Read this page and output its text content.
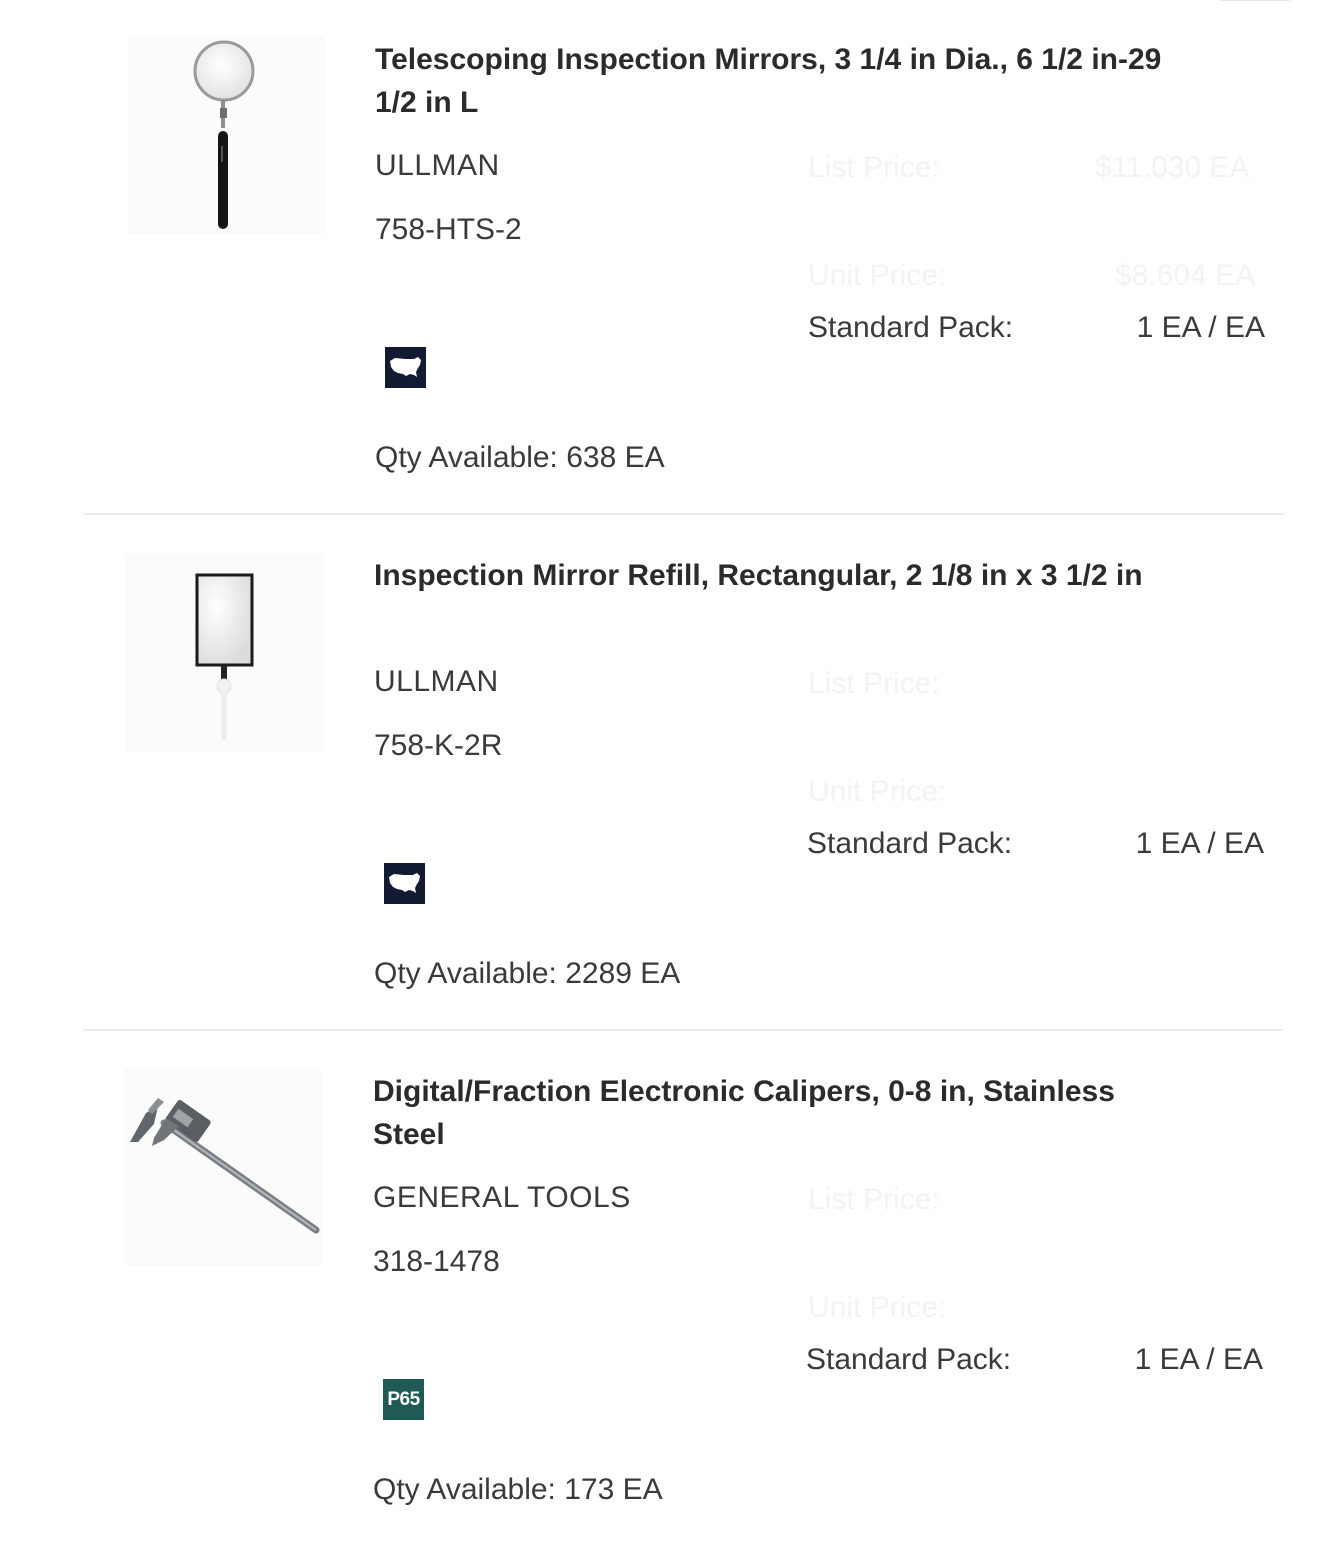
Telescoping Inspection Mirrors, 3 1/4 in Dia., 6 1/2 in-29 1/2 in L
ULLMAN
758-HTS-2
List Price:	$11.030 EA
Unit Price:	$8.604 EA
Standard Pack:	1 EA / EA
Qty Available: 638 EA
Inspection Mirror Refill, Rectangular, 2 1/8 in x 3 1/2 in
ULLMAN
758-K-2R
List Price:
Unit Price:
Standard Pack:	1 EA / EA
Qty Available: 2289 EA
Digital/Fraction Electronic Calipers, 0-8 in, Stainless Steel
GENERAL TOOLS
318-1478
List Price:
Unit Price:
Standard Pack:	1 EA / EA
P65
Qty Available: 173 EA
